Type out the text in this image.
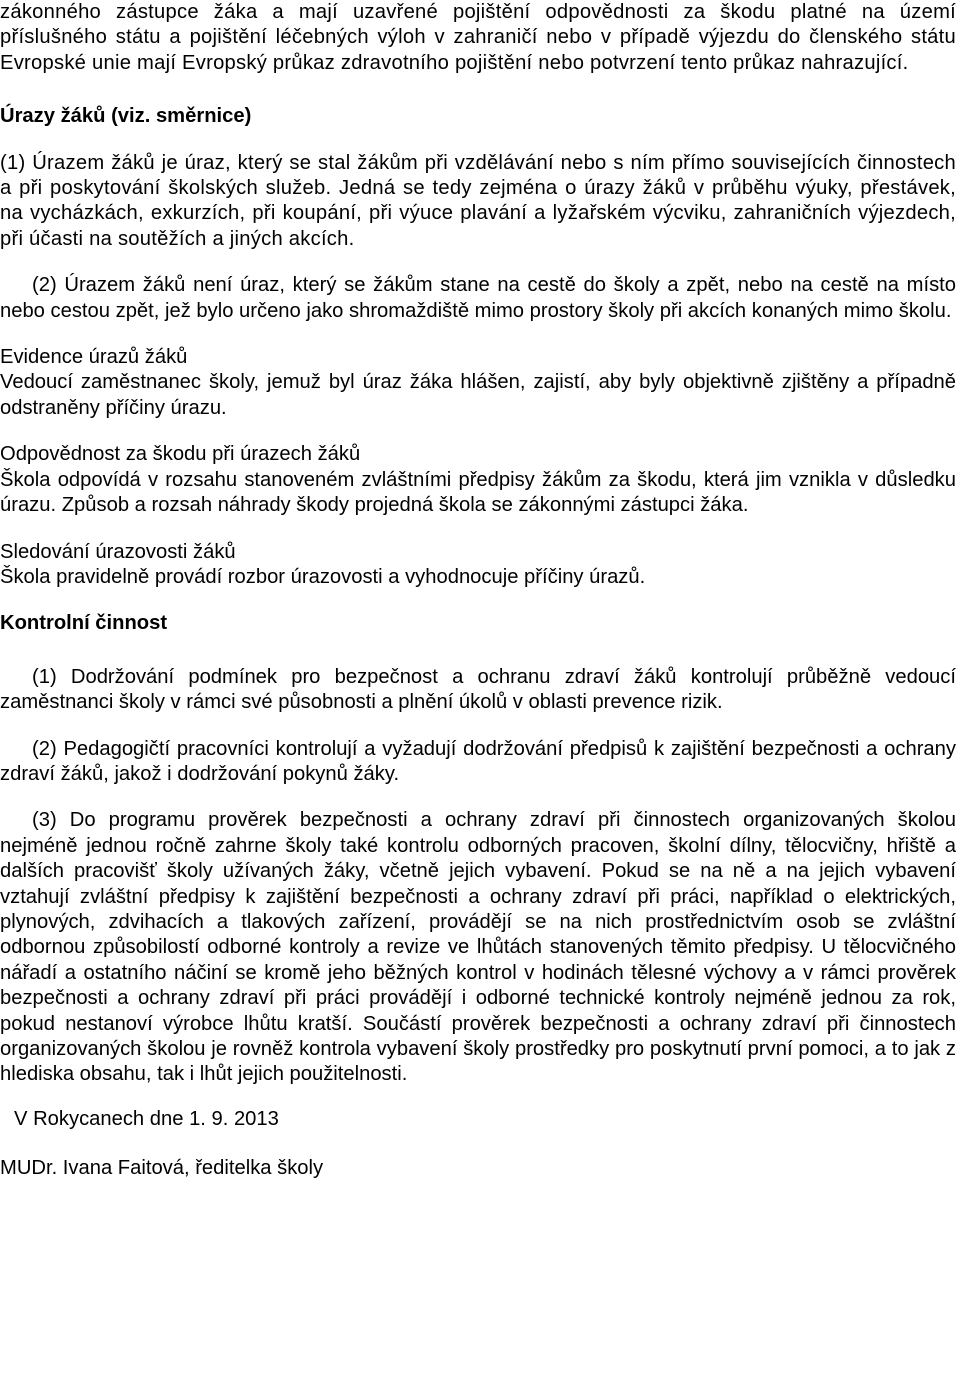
zákonného zástupce žáka a mají uzavřené pojištění odpovědnosti za škodu platné na území příslušného státu a pojištění léčebných výloh v zahraničí nebo v případě výjezdu do členského státu Evropské unie mají Evropský průkaz zdravotního pojištění nebo potvrzení tento průkaz nahrazující.

Úrazy žáků (viz. směrnice)

(1) Úrazem žáků je úraz, který se stal žákům při vzdělávání nebo s ním přímo souvisejících činnostech a při poskytování školských služeb. Jedná se tedy zejména o úrazy žáků v průběhu výuky, přestávek, na vycházkách, exkurzích, při koupání, při výuce plavání a lyžařském výcviku, zahraničních výjezdech, při účasti na soutěžích a jiných akcích.

(2) Úrazem žáků není úraz, který se žákům stane na cestě do školy a zpět, nebo na cestě na místo nebo cestou zpět, jež bylo určeno jako shromaždiště mimo prostory školy při akcích konaných mimo školu.

Evidence úrazů žáků

Vedoucí zaměstnanec školy, jemuž byl úraz žáka hlášen, zajistí, aby byly objektivně zjištěny a případně odstraněny příčiny úrazu.

Odpovědnost za škodu při úrazech žáků

Škola odpovídá v rozsahu stanoveném zvláštními předpisy žákům za škodu, která jim vznikla v důsledku úrazu. Způsob a rozsah náhrady škody projedná škola se zákonnými zástupci žáka.

Sledování úrazovosti žáků

Škola pravidelně provádí rozbor úrazovosti a vyhodnocuje příčiny úrazů.

Kontrolní činnost

(1) Dodržování podmínek pro bezpečnost a ochranu zdraví žáků kontrolují průběžně vedoucí zaměstnanci školy v rámci své působnosti a plnění úkolů v oblasti prevence rizik.

(2) Pedagogičtí pracovníci kontrolují a vyžadují dodržování předpisů k zajištění bezpečnosti a ochrany zdraví žáků, jakož i dodržování pokynů žáky.

(3) Do programu prověrek bezpečnosti a ochrany zdraví při činnostech organizovaných školou nejméně jednou ročně zahrne školy také kontrolu odborných pracoven, školní dílny, tělocvičny, hřiště a dalších pracovišť školy užívaných žáky, včetně jejich vybavení. Pokud se na ně a na jejich vybavení vztahují zvláštní předpisy k zajištění bezpečnosti a ochrany zdraví při práci, například o elektrických, plynových, zdvihacích a tlakových zařízení, provádějí se na nich prostřednictvím osob se zvláštní odbornou způsobilostí odborné kontroly a revize ve lhůtách stanovených těmito předpisy. U tělocvičného nářadí a ostatního náčiní se kromě jeho běžných kontrol v hodinách tělesné výchovy a v rámci prověrek bezpečnosti a ochrany zdraví při práci provádějí i odborné technické kontroly nejméně jednou za rok, pokud nestanoví výrobce lhůtu kratší. Součástí prověrek bezpečnosti a ochrany zdraví při činnostech organizovaných školou je rovněž kontrola vybavení školy prostředky pro poskytnutí první pomoci, a to jak z hlediska obsahu, tak i lhůt jejich použitelnosti.

V Rokycanech dne 1. 9. 2013

MUDr. Ivana Faitová, ředitelka školy
